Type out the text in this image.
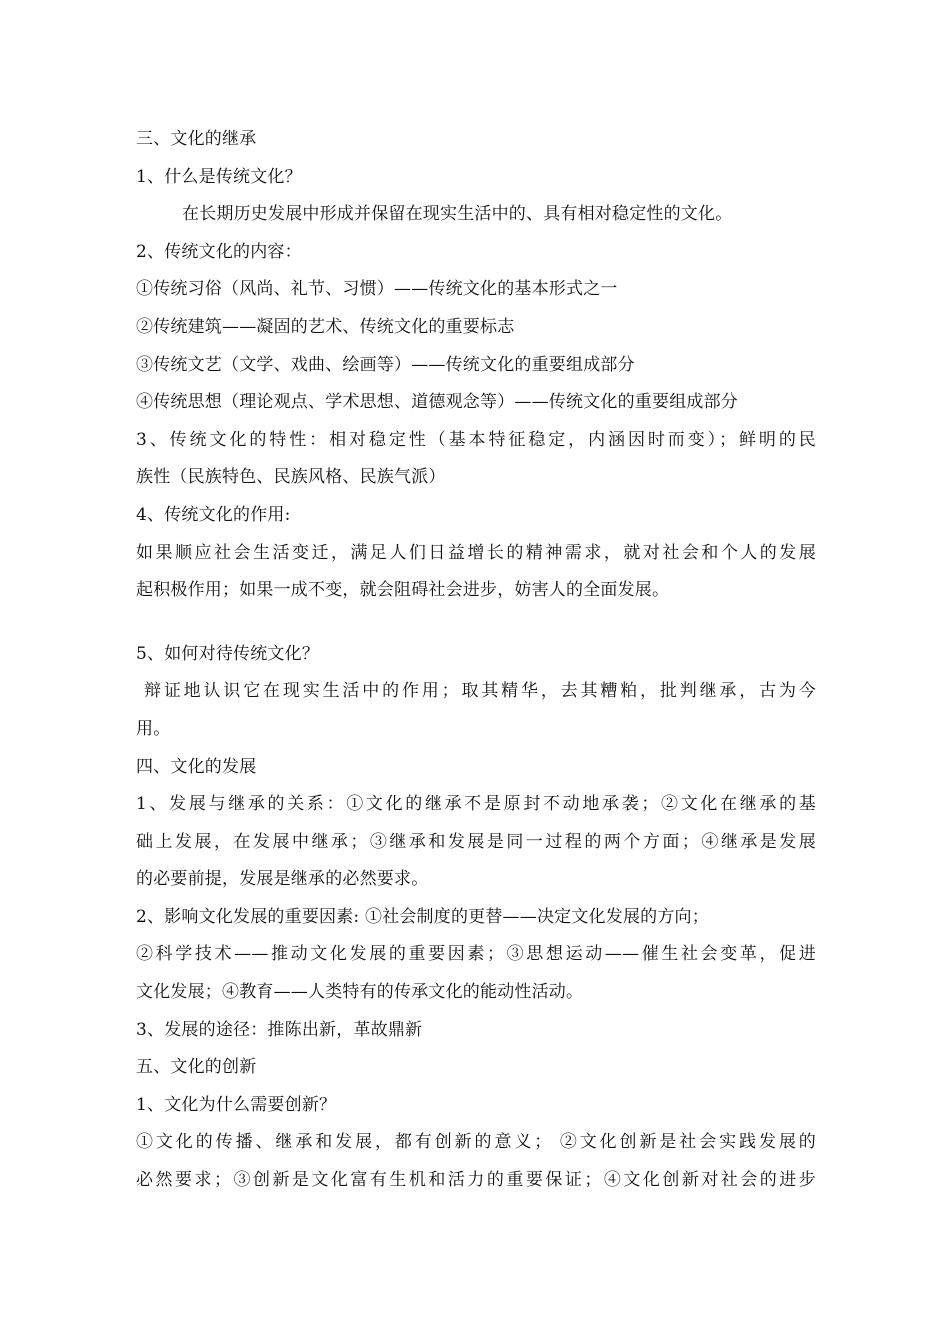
三、文化的继承
1、什么是传统文化？
在长期历史发展中形成并保留在现实生活中的、具有相对稳定性的文化。
2、传统文化的内容：
①传统习俗（风尚、礼节、习惯）——传统文化的基本形式之一
②传统建筑——凝固的艺术、传统文化的重要标志
③传统文艺（文学、戏曲、绘画等）——传统文化的重要组成部分
④传统思想（理论观点、学术思想、道德观念等）——传统文化的重要组成部分
3、传统文化的特性：相对稳定性（基本特征稳定，内涵因时而变）；鲜明的民
族性（民族特色、民族风格、民族气派）
4、传统文化的作用:
如果顺应社会生活变迁，满足人们日益增长的精神需求，就对社会和个人的发展
起积极作用；如果一成不变，就会阻碍社会进步，妨害人的全面发展。
5、如何对待传统文化？
辩证地认识它在现实生活中的作用；取其精华，去其糟粕，批判继承，古为今
用。
四、文化的发展
1、发展与继承的关系：①文化的继承不是原封不动地承袭；②文化在继承的基
础上发展，在发展中继承；③继承和发展是同一过程的两个方面；④继承是发展
的必要前提，发展是继承的必然要求。
2、影响文化发展的重要因素: ①社会制度的更替——决定文化发展的方向；
②科学技术——推动文化发展的重要因素；③思想运动——催生社会变革，促进
文化发展；④教育——人类特有的传承文化的能动性活动。
3、发展的途径：推陈出新，革故鼎新
五、文化的创新
1、文化为什么需要创新？
①文化的传播、继承和发展，都有创新的意义； ②文化创新是社会实践发展的
必然要求；③创新是文化富有生机和活力的重要保证；④文化创新对社会的进步
